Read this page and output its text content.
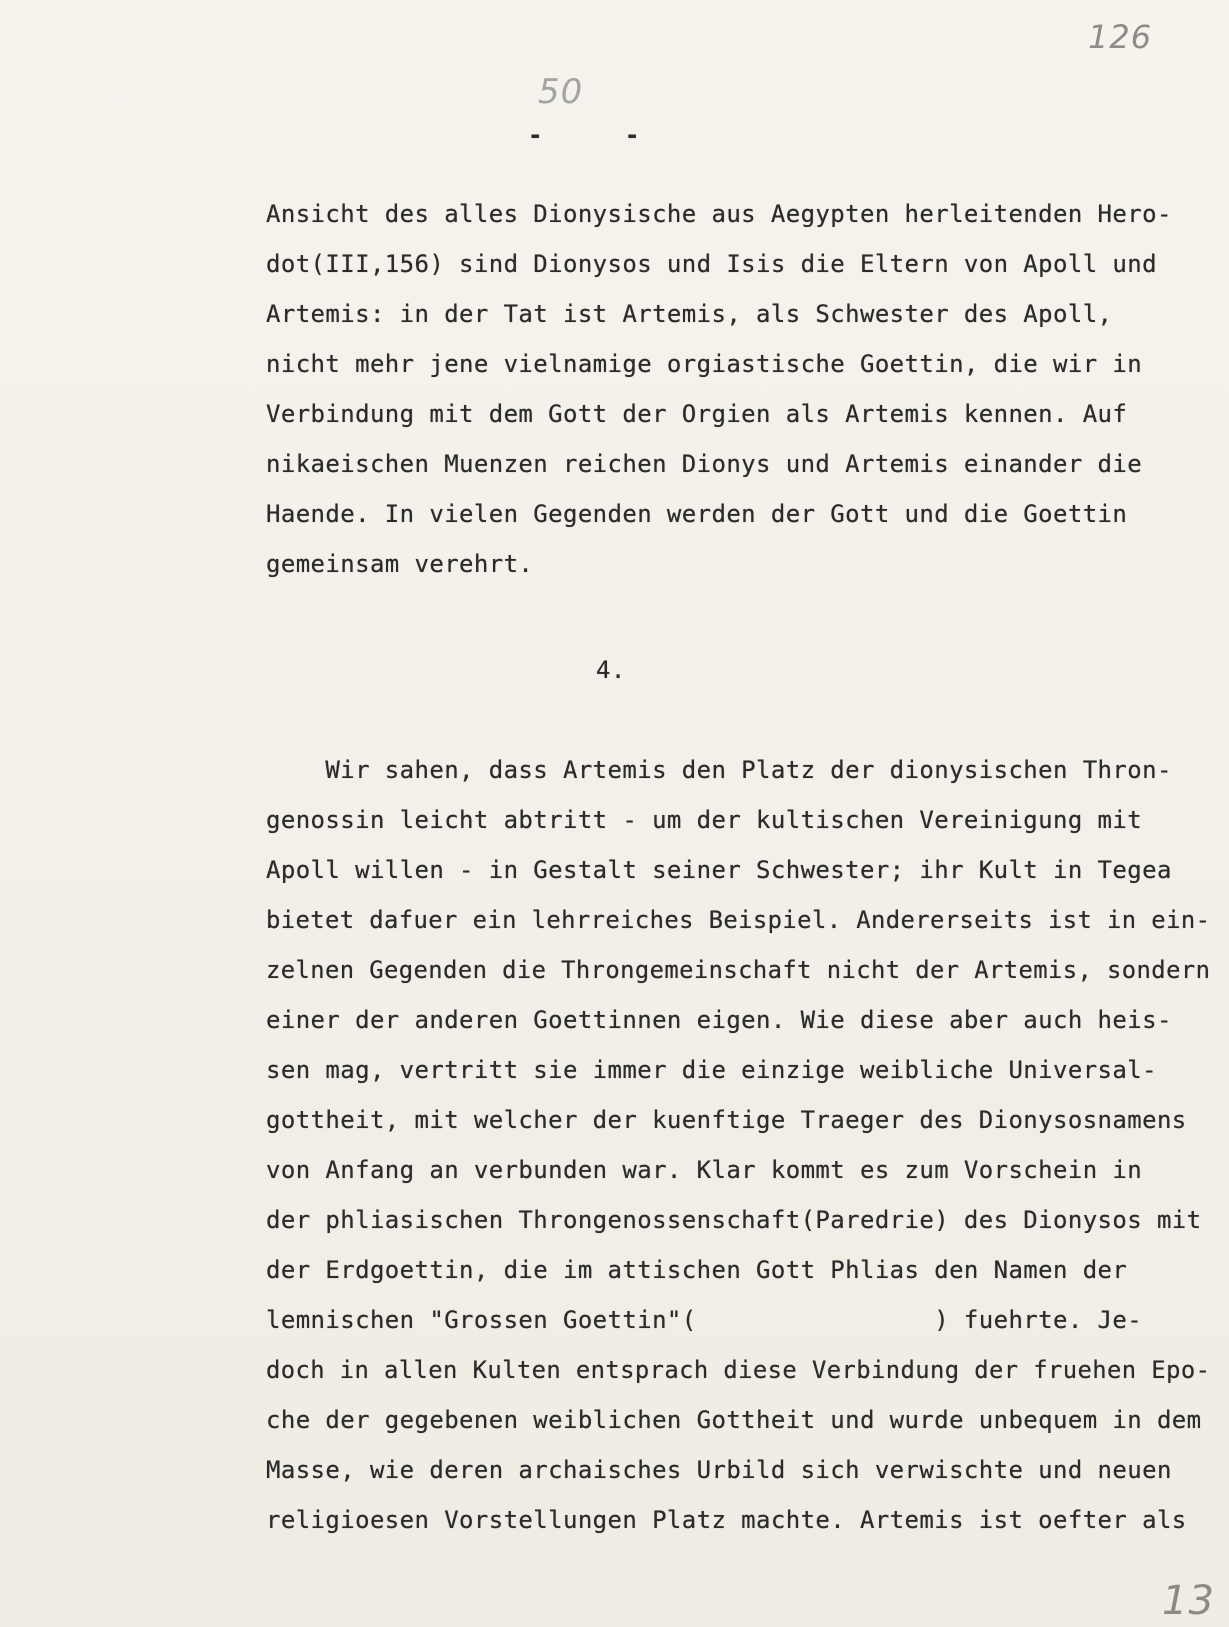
126
50
13
- -
Ansicht des alles Dionysische aus Aegypten herleitenden Hero-
dot(III,156) sind Dionysos und Isis die Eltern von Apoll und
Artemis: in der Tat ist Artemis, als Schwester des Apoll,
nicht mehr jene vielnamige orgiastische Goettin, die wir in
Verbindung mit dem Gott der Orgien als Artemis kennen. Auf
nikaeischen Muenzen reichen Dionys und Artemis einander die
Haende. In vielen Gegenden werden der Gott und die Goettin
gemeinsam verehrt.
4.
Wir sahen, dass Artemis den Platz der dionysischen Thron-
genossin leicht abtritt - um der kultischen Vereinigung mit
Apoll willen - in Gestalt seiner Schwester; ihr Kult in Tegea
bietet dafuer ein lehrreiches Beispiel. Andererseits ist in ein-
zelnen Gegenden die Throngemeinschaft nicht der Artemis, sondern
einer der anderen Goettinnen eigen. Wie diese aber auch heis-
sen mag, vertritt sie immer die einzige weibliche Universal-
gottheit, mit welcher der kuenftige Traeger des Dionysosnamens
von Anfang an verbunden war. Klar kommt es zum Vorschein in
der phliasischen Throngenossenschaft(Paredrie) des Dionysos mit
der Erdgoettin, die im attischen Gott Phlias den Namen der
lemnischen "Grossen Goettin"(                ) fuehrte. Je-
doch in allen Kulten entsprach diese Verbindung der fruehen Epo-
che der gegebenen weiblichen Gottheit und wurde unbequem in dem
Masse, wie deren archaisches Urbild sich verwischte und neuen
religioesen Vorstellungen Platz machte. Artemis ist oefter als
